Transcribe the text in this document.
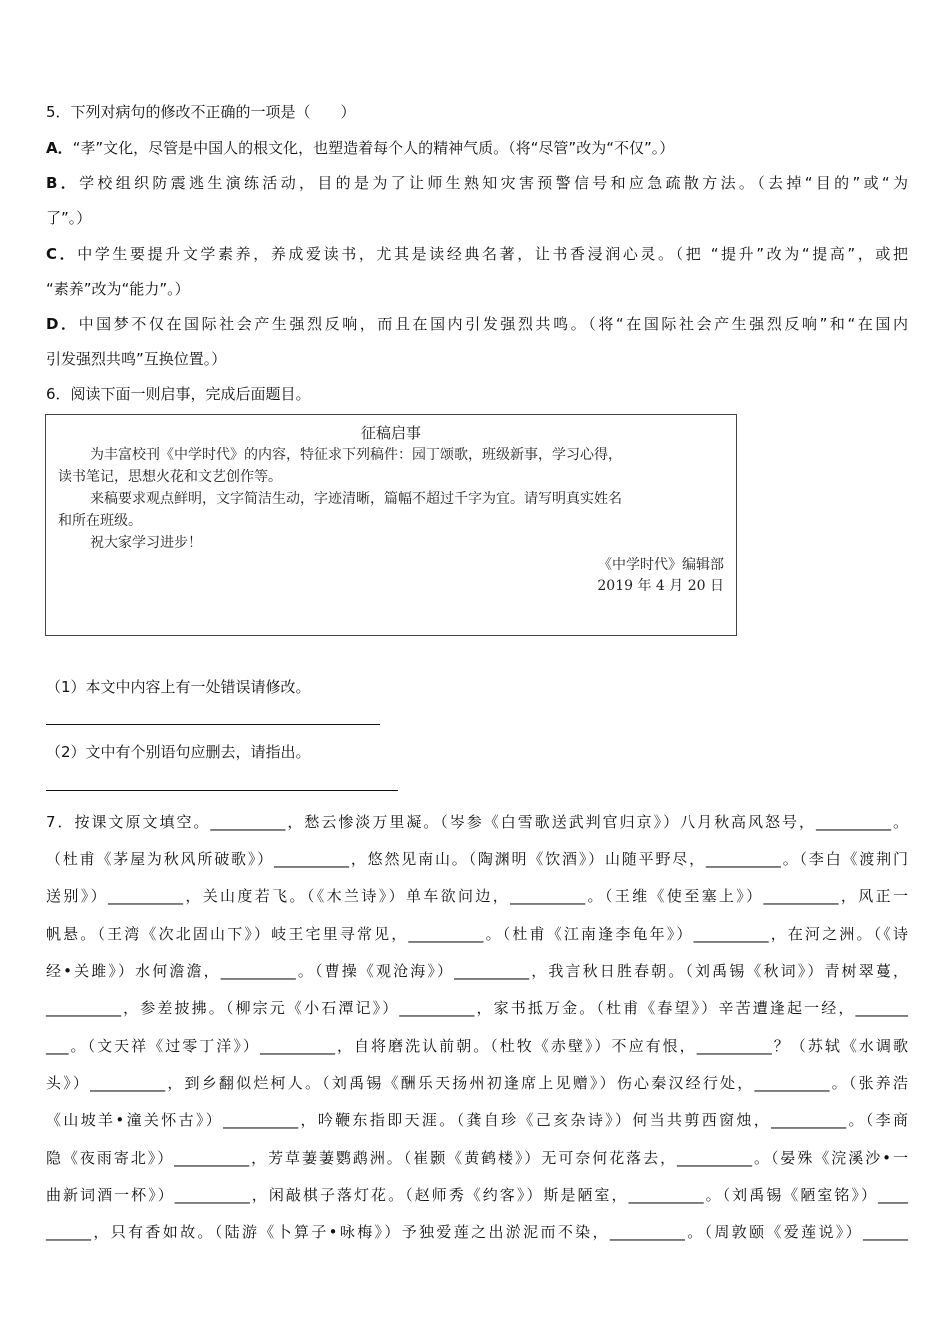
5．下列对病句的修改不正确的一项是（　　）
A．“孝”文化，尽管是中国人的根文化，也塑造着每个人的精神气质。（将“尽管”改为“不仅”。）
B．学校组织防震逃生演练活动，目的是为了让师生熟知灾害预警信号和应急疏散方法。（去掉“目的”或“为
了”。）
C．中学生要提升文学素养，养成爱读书，尤其是读经典名著，让书香浸润心灵。（把 “提升”改为“提高”，或把
“素养”改为“能力”。）
D．中国梦不仅在国际社会产生强烈反响，而且在国内引发强烈共鸣。（将“在国际社会产生强烈反响”和“在国内
引发强烈共鸣”互换位置。）
6．阅读下面一则启事，完成后面题目。
征稿启事
为丰富校刊《中学时代》的内容，特征求下列稿件：园丁颂歌，班级新事，学习心得，
读书笔记，思想火花和文艺创作等。
来稿要求观点鲜明，文字简洁生动，字迹清晰，篇幅不超过千字为宜。请写明真实姓名
和所在班级。
祝大家学习进步！
《中学时代》编辑部
2019 年 4 月 20 日
（1）本文中内容上有一处错误请修改。
（2）文中有个别语句应删去，请指出。
7．按课文原文填空。__________，愁云惨淡万里凝。（岑参《白雪歌送武判官归京》）八月秋高风怒号，__________。
（杜甫《茅屋为秋风所破歌》）__________，悠然见南山。（陶渊明《饮酒》）山随平野尽，__________。（李白《渡荆门
送别》）__________，关山度若飞。（《木兰诗》）单车欲问边，__________。（王维《使至塞上》）__________，风正一
帆悬。（王湾《次北固山下》）岐王宅里寻常见，__________。（杜甫《江南逢李龟年》）__________，在河之洲。（《诗
经•关雎》）水何澹澹，__________。（曹操《观沧海》）__________，我言秋日胜春朝。（刘禹锡《秋词》）青树翠蔓，
__________，参差披拂。（柳宗元《小石潭记》）__________，家书抵万金。（杜甫《春望》）辛苦遭逢起一经，_______
___。（文天祥《过零丁洋》）__________，自将磨洗认前朝。（杜牧《赤壁》）不应有恨，__________？（苏轼《水调歌
头》）__________，到乡翻似烂柯人。（刘禹锡《酬乐天扬州初逢席上见赠》）伤心秦汉经行处，__________。（张养浩
《山坡羊•潼关怀古》）__________，吟鞭东指即天涯。（龚自珍《己亥杂诗》）何当共剪西窗烛，__________。（李商
隐《夜雨寄北》）__________，芳草萋萋鹦鹉洲。（崔颢《黄鹤楼》）无可奈何花落去，__________。（晏殊《浣溪沙•一
曲新词酒一杯》）__________，闲敲棋子落灯花。（赵师秀《约客》）斯是陋室，__________。（刘禹锡《陋室铭》）____
______，只有香如故。（陆游《卜算子•咏梅》）予独爱莲之出淤泥而不染，__________。（周敦颐《爱莲说》）______
